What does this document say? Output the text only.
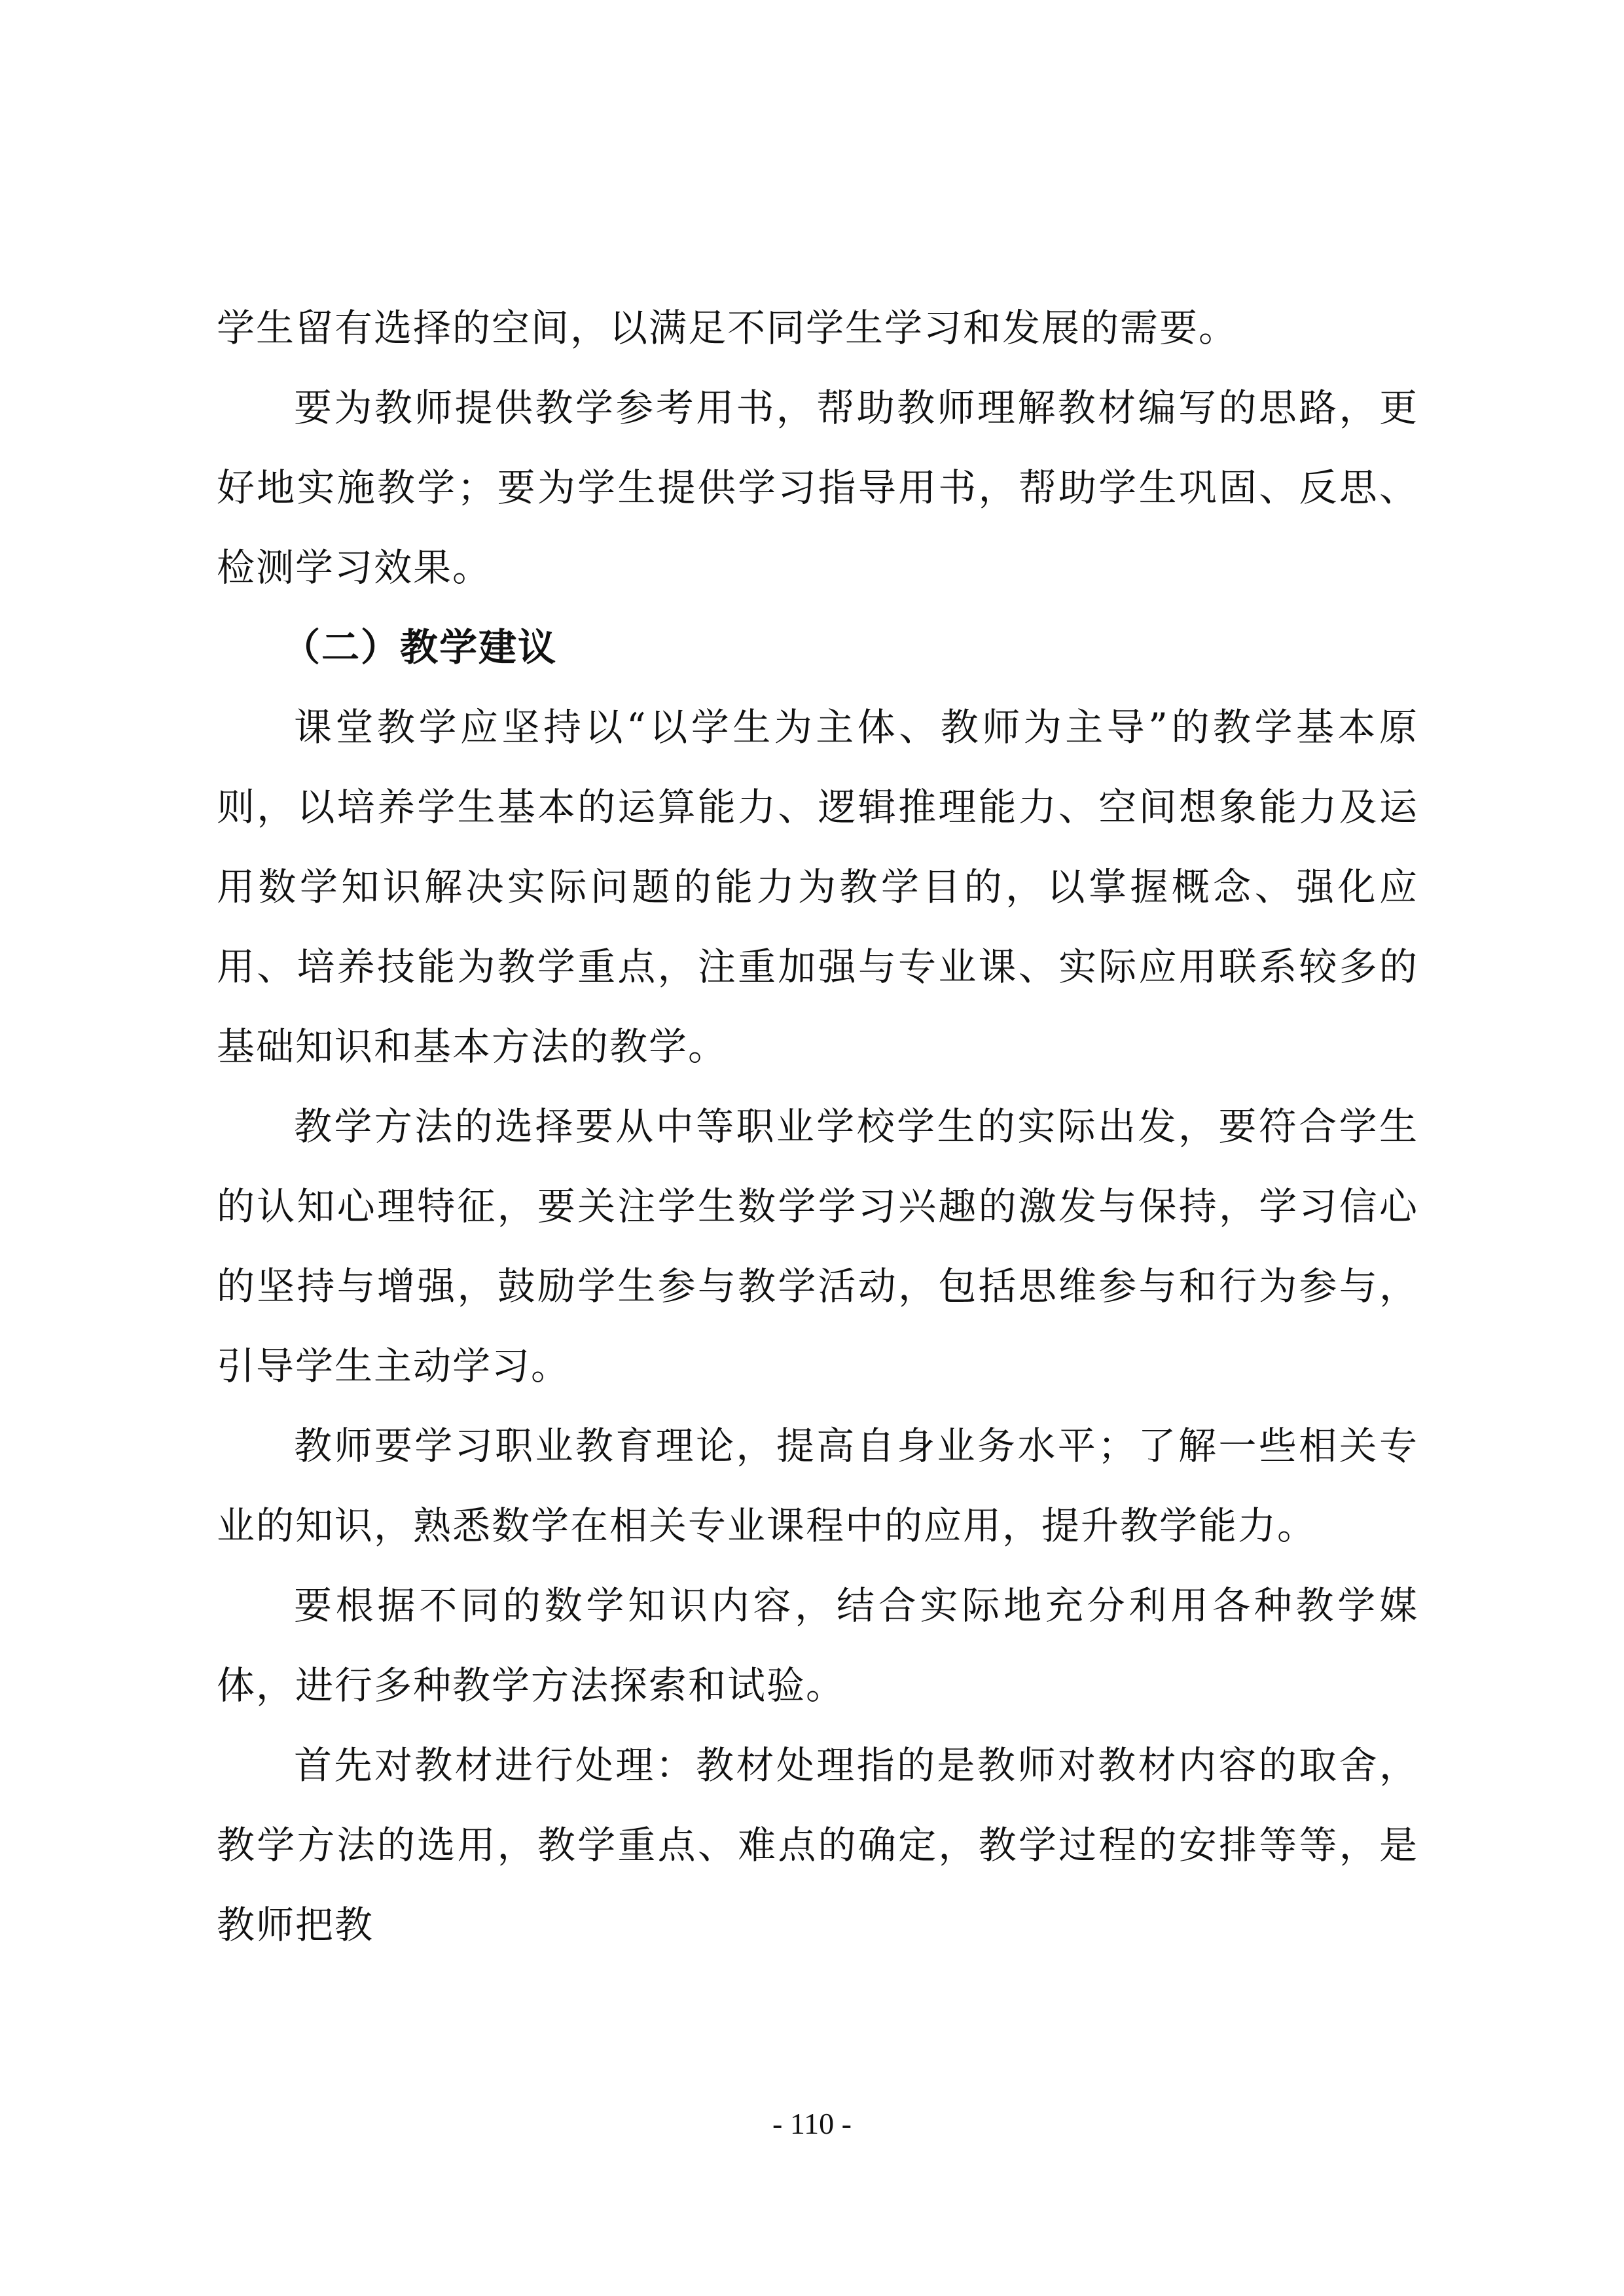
学生留有选择的空间，以满足不同学生学习和发展的需要。

要为教师提供教学参考用书，帮助教师理解教材编写的思路，更好地实施教学；要为学生提供学习指导用书，帮助学生巩固、反思、检测学习效果。

（二）教学建议

课堂教学应坚持以“以学生为主体、教师为主导”的教学基本原则，以培养学生基本的运算能力、逻辑推理能力、空间想象能力及运用数学知识解决实际问题的能力为教学目的，以掌握概念、强化应用、培养技能为教学重点，注重加强与专业课、实际应用联系较多的基础知识和基本方法的教学。

教学方法的选择要从中等职业学校学生的实际出发，要符合学生的认知心理特征，要关注学生数学学习兴趣的激发与保持，学习信心的坚持与增强，鼓励学生参与教学活动，包括思维参与和行为参与，引导学生主动学习。

教师要学习职业教育理论，提高自身业务水平；了解一些相关专业的知识，熟悉数学在相关专业课程中的应用，提升教学能力。

要根据不同的数学知识内容，结合实际地充分利用各种教学媒体，进行多种教学方法探索和试验。

首先对教材进行处理：教材处理指的是教师对教材内容的取舍，教学方法的选用，教学重点、难点的确定，教学过程的安排等等，是教师把教

- 110 -
